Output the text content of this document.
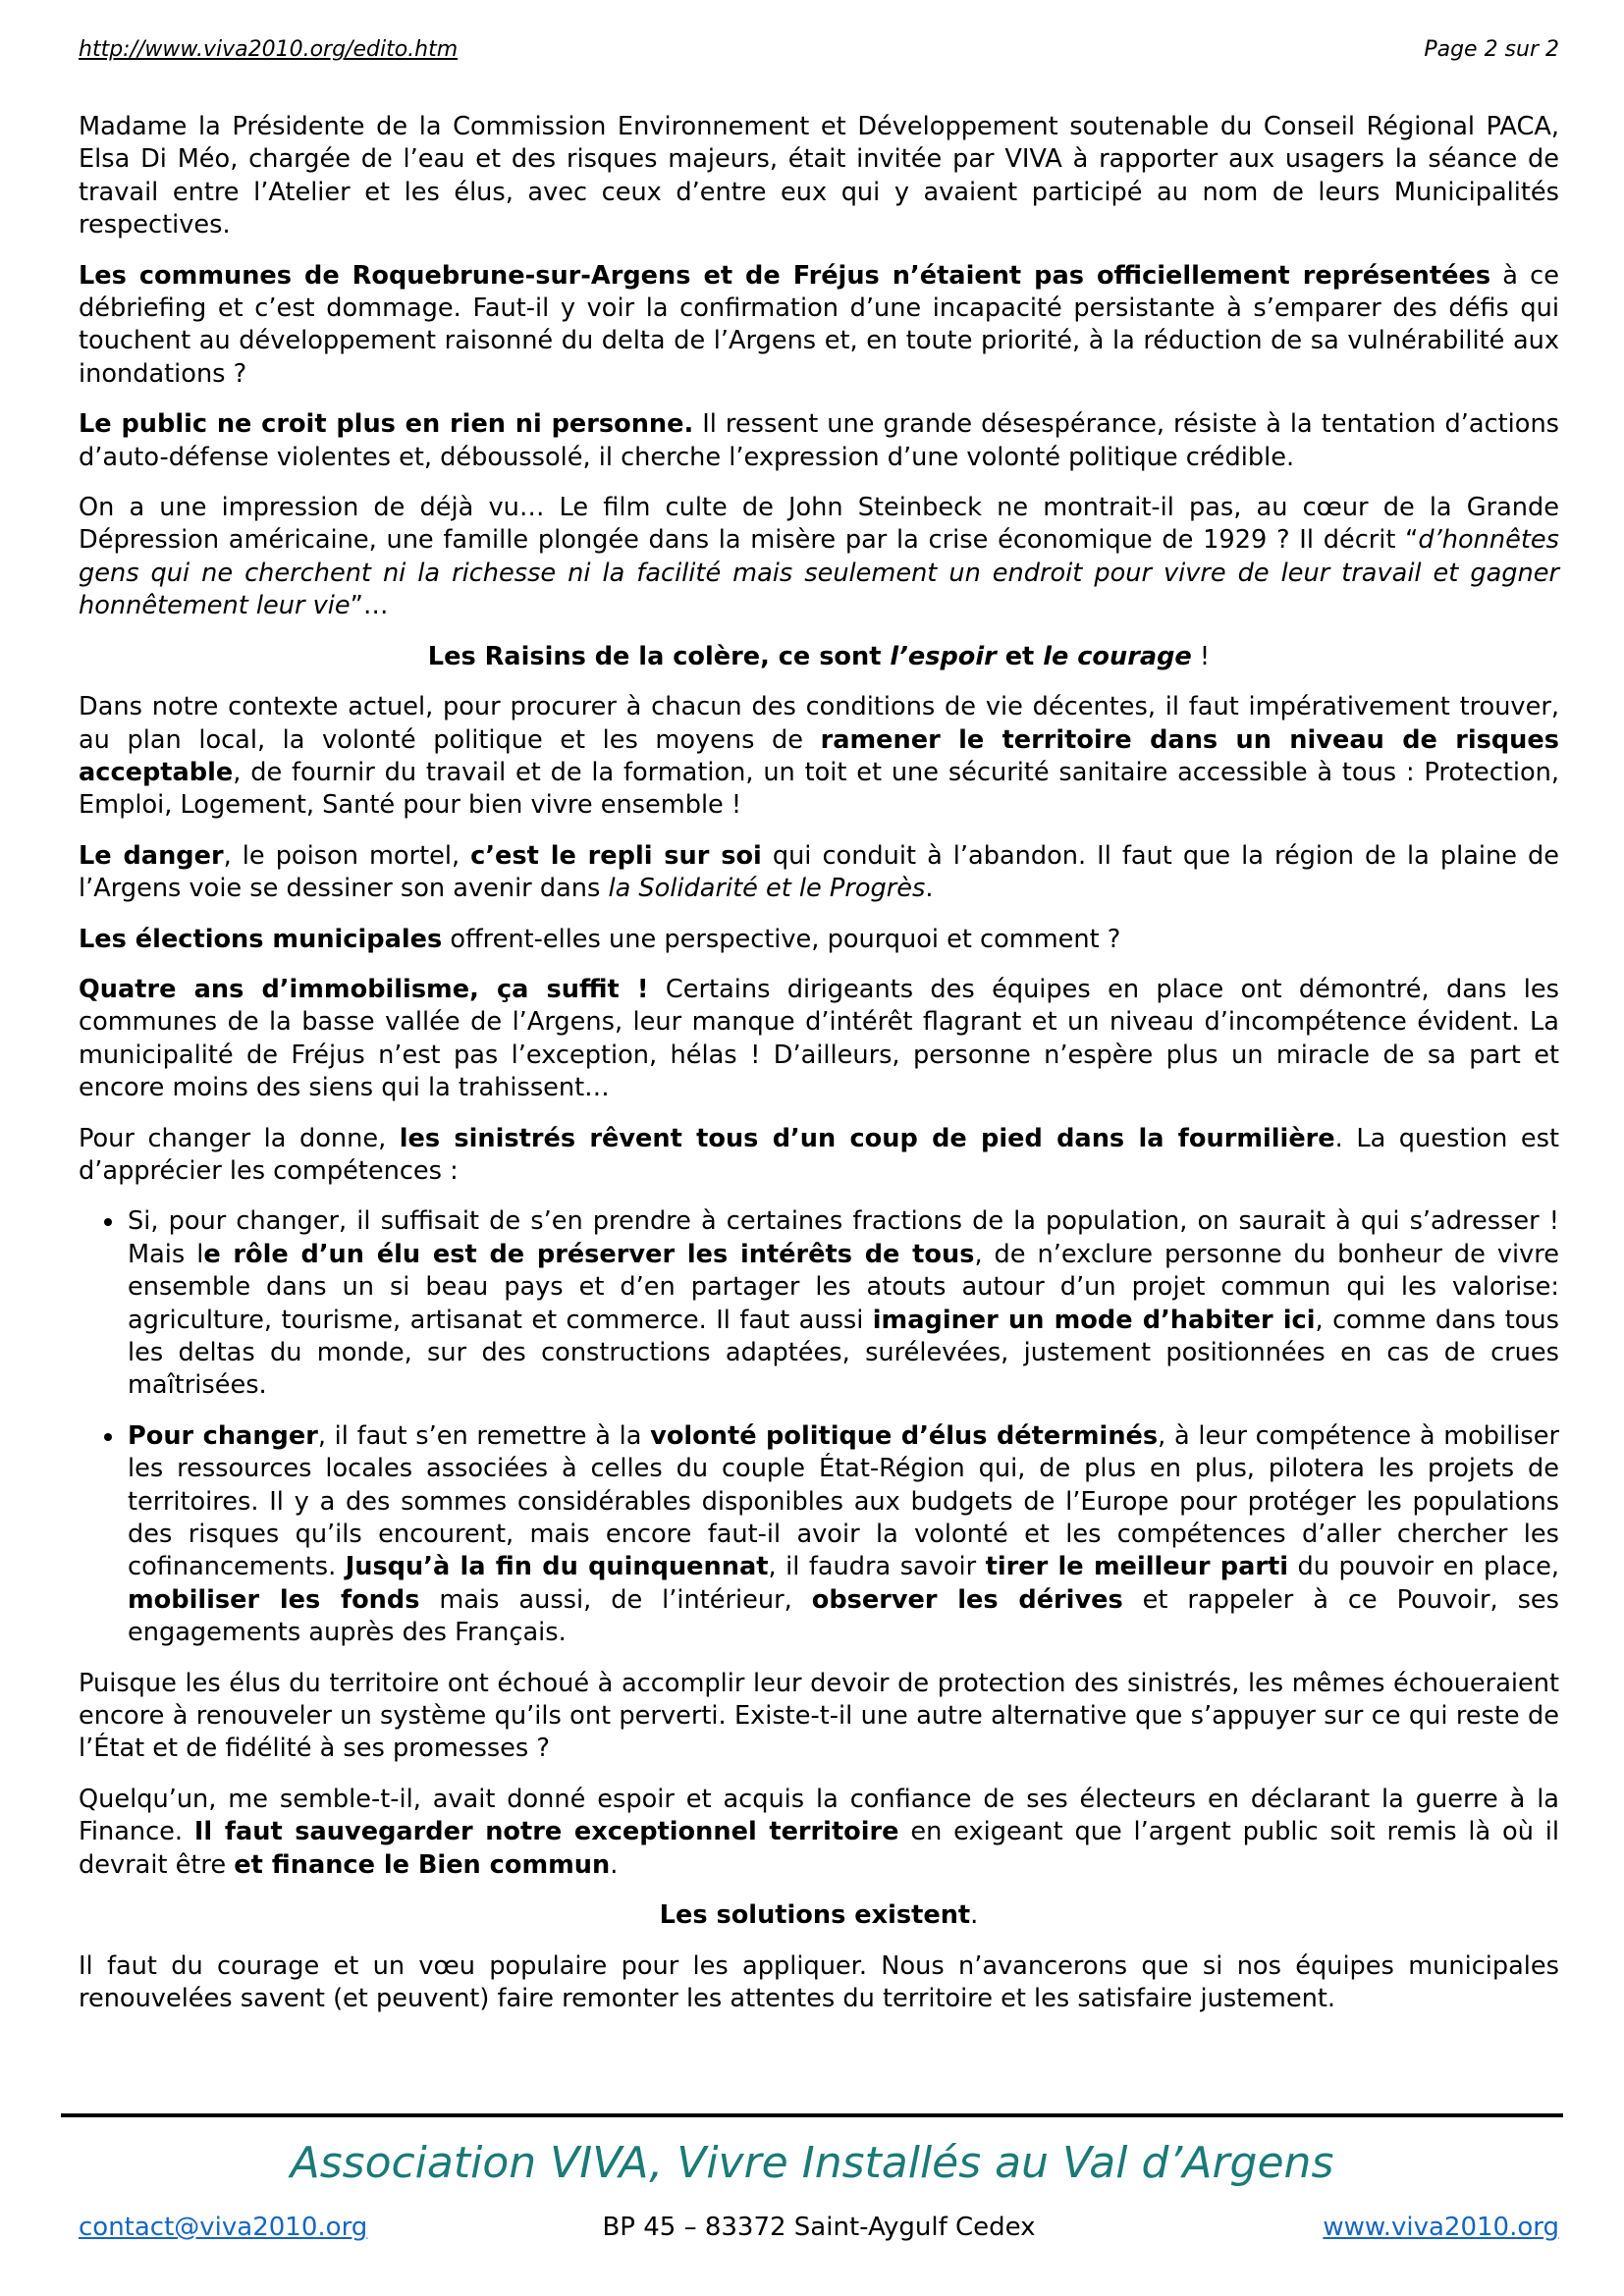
http://www.viva2010.org/edito.htm	Page 2 sur 2

Madame la Présidente de la Commission Environnement et Développement soutenable du Conseil Régional PACA, Elsa Di Méo, chargée de l’eau et des risques majeurs, était invitée par VIVA à rapporter aux usagers la séance de travail entre l’Atelier et les élus, avec ceux d’entre eux qui y avaient participé au nom de leurs Municipalités respectives.

Les communes de Roquebrune-sur-Argens et de Fréjus n’étaient pas officiellement représentées à ce débriefing et c’est dommage. Faut-il y voir la confirmation d’une incapacité persistante à s’emparer des défis qui touchent au développement raisonné du delta de l’Argens et, en toute priorité, à la réduction de sa vulnérabilité aux inondations ?

Le public ne croit plus en rien ni personne. Il ressent une grande désespérance, résiste à la tentation d’actions d’auto-défense violentes et, déboussolé, il cherche l’expression d’une volonté politique crédible.

On a une impression de déjà vu… Le film culte de John Steinbeck ne montrait-il pas, au cœur de la Grande Dépression américaine, une famille plongée dans la misère par la crise économique de 1929 ? Il décrit “d’honnêtes gens qui ne cherchent ni la richesse ni la facilité mais seulement un endroit pour vivre de leur travail et gagner honnêtement leur vie”…

Les Raisins de la colère, ce sont l’espoir et le courage !

Dans notre contexte actuel, pour procurer à chacun des conditions de vie décentes, il faut impérativement trouver, au plan local, la volonté politique et les moyens de ramener le territoire dans un niveau de risques acceptable, de fournir du travail et de la formation, un toit et une sécurité sanitaire accessible à tous : Protection, Emploi, Logement, Santé pour bien vivre ensemble !

Le danger, le poison mortel, c’est le repli sur soi qui conduit à l’abandon. Il faut que la région de la plaine de l’Argens voie se dessiner son avenir dans la Solidarité et le Progrès.

Les élections municipales offrent-elles une perspective, pourquoi et comment ?

Quatre ans d’immobilisme, ça suffit ! Certains dirigeants des équipes en place ont démontré, dans les communes de la basse vallée de l’Argens, leur manque d’intérêt flagrant et un niveau d’incompétence évident. La municipalité de Fréjus n’est pas l’exception, hélas ! D’ailleurs, personne n’espère plus un miracle de sa part et encore moins des siens qui la trahissent…

Pour changer la donne, les sinistrés rêvent tous d’un coup de pied dans la fourmilière. La question est d’apprécier les compétences :

• Si, pour changer, il suffisait de s’en prendre à certaines fractions de la population, on saurait à qui s’adresser ! Mais le rôle d’un élu est de préserver les intérêts de tous, de n’exclure personne du bonheur de vivre ensemble dans un si beau pays et d’en partager les atouts autour d’un projet commun qui les valorise: agriculture, tourisme, artisanat et commerce. Il faut aussi imaginer un mode d’habiter ici, comme dans tous les deltas du monde, sur des constructions adaptées, surélevées, justement positionnées en cas de crues maîtrisées.
• Pour changer, il faut s’en remettre à la volonté politique d’élus déterminés, à leur compétence à mobiliser les ressources locales associées à celles du couple État-Région qui, de plus en plus, pilotera les projets de territoires. Il y a des sommes considérables disponibles aux budgets de l’Europe pour protéger les populations des risques qu’ils encourent, mais encore faut-il avoir la volonté et les compétences d’aller chercher les cofinancements. Jusqu’à la fin du quinquennat, il faudra savoir tirer le meilleur parti du pouvoir en place, mobiliser les fonds mais aussi, de l’intérieur, observer les dérives et rappeler à ce Pouvoir, ses engagements auprès des Français.

Puisque les élus du territoire ont échoué à accomplir leur devoir de protection des sinistrés, les mêmes échoueraient encore à renouveler un système qu’ils ont perverti. Existe-t-il une autre alternative que s’appuyer sur ce qui reste de l’État et de fidélité à ses promesses ?

Quelqu’un, me semble-t-il, avait donné espoir et acquis la confiance de ses électeurs en déclarant la guerre à la Finance. Il faut sauvegarder notre exceptionnel territoire en exigeant que l’argent public soit remis là où il devrait être et finance le Bien commun.

Les solutions existent.

Il faut du courage et un vœu populaire pour les appliquer. Nous n’avancerons que si nos équipes municipales renouvelées savent (et peuvent) faire remonter les attentes du territoire et les satisfaire justement.

Association VIVA, Vivre Installés au Val d’Argens
BP 45 – 83372 Saint-Aygulf Cedex
contact@viva2010.org	www.viva2010.org
